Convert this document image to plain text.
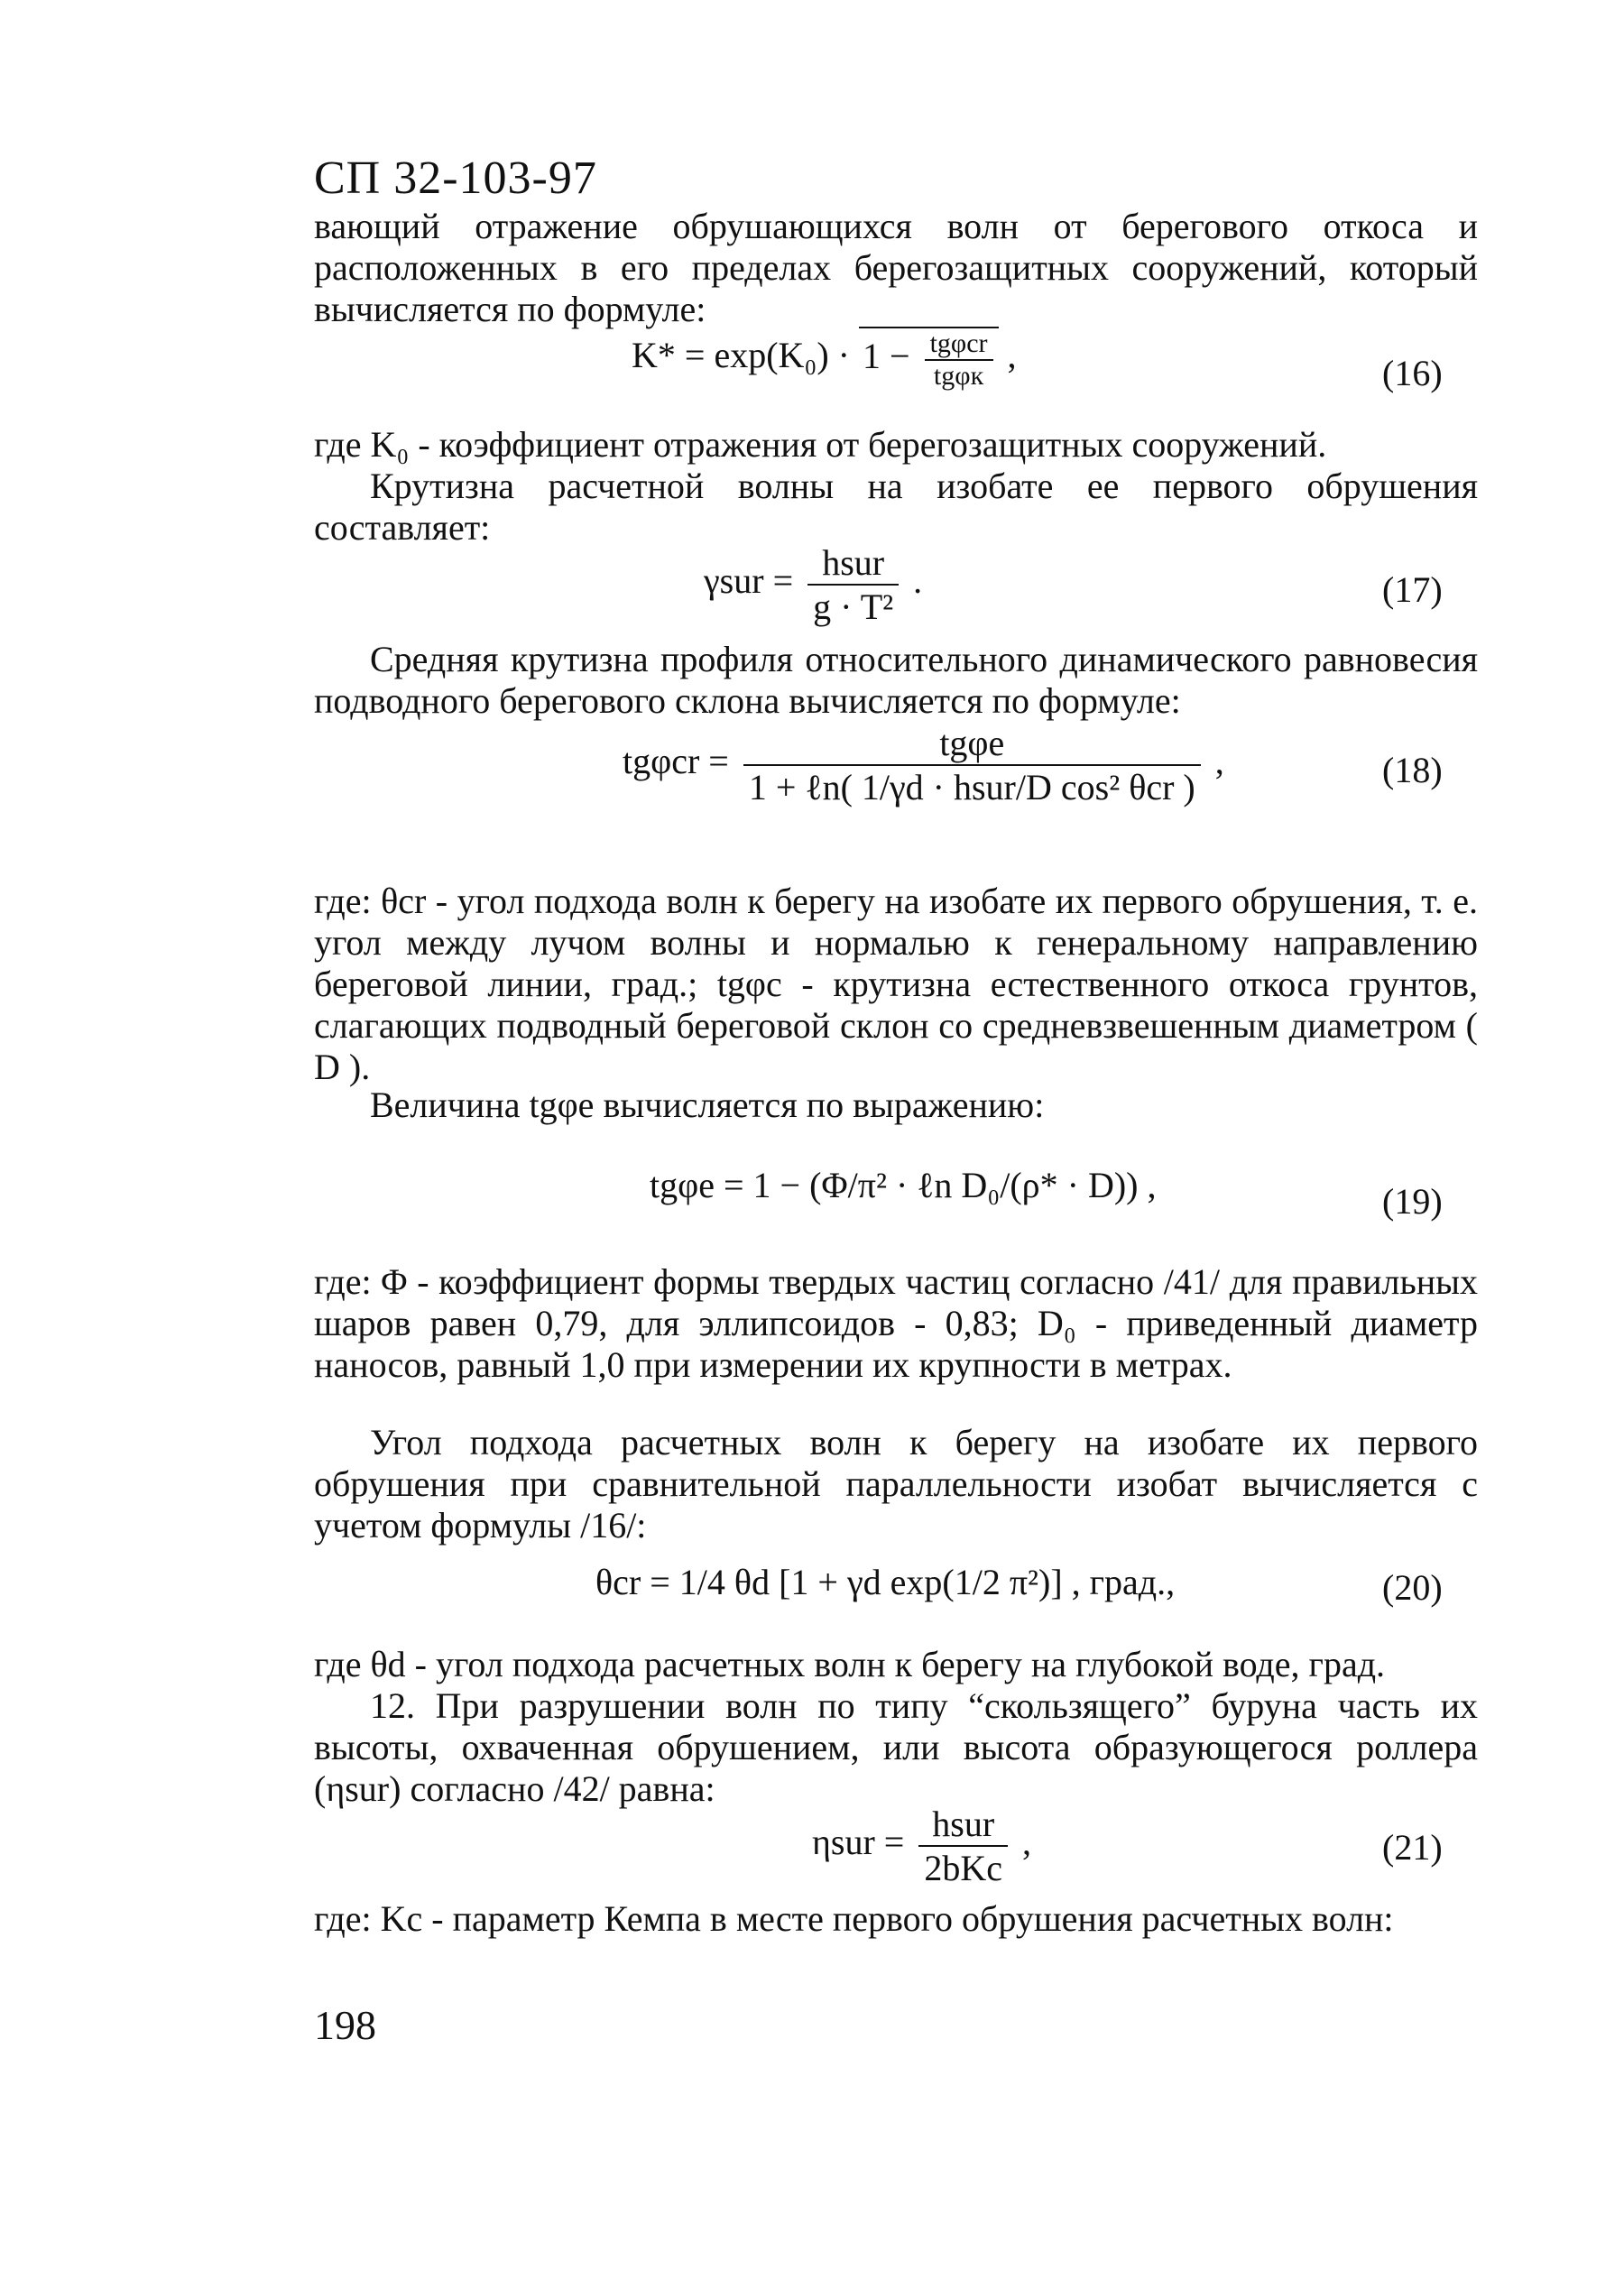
СП 32-103-97

вающий отражение обрушающихся волн от берегового откоса и расположенных в его пределах берегозащитных сооружений, который вычисляется по формуле:

$K* = \exp(K_0) \cdot 1 - \frac{\text{tgφcr}}{\text{tgφк}}$ ,	(16)

где K₀ - коэффициент отражения от берегозащитных сооружений.

Крутизна расчетной волны на изобате ее первого обрушения составляет:

$\gamma sur = \frac{\text{hsur}}{\text{g · T²}}$ .	(17)

Средняя крутизна профиля относительного динамического равновесия подводного берегового склона вычисляется по формуле:

$tg\varphi cr = \frac{\text{tgφe}}{\text{1 + ℓn( 1/γd · hsur/D cos² θcr )}}$ ,	(18)

где: θcr - угол подхода волн к берегу на изобате их первого обрушения, т. е. угол между лучом волны и нормалью к генеральному направлению береговой линии, град.; tgφc - крутизна естественного откоса грунтов, слагающих подводный береговой склон со средневзвешенным диаметром ( D ).

Величина tgφe вычисляется по выражению:

tgφe = 1 − (Φ/π² · ℓn D₀/(ρ* · D)) ,	(19)

где: Φ - коэффициент формы твердых частиц согласно /41/ для правильных шаров равен 0,79, для эллипсоидов - 0,83; D₀ - приведенный диаметр наносов, равный 1,0 при измерении их крупности в метрах.

Угол подхода расчетных волн к берегу на изобате их первого обрушения при сравнительной параллельности изобат вычисляется с учетом формулы /16/:

θcr = 1/4 θd [1 + γd exp(1/2 π²)] , град.,	(20)

где θd - угол подхода расчетных волн к берегу на глубокой воде, град.

12. При разрушении волн по типу “скользящего” буруна часть их высоты, охваченная обрушением, или высота образующегося роллера (ηsur) согласно /42/ равна:

$\eta sur = \frac{\text{hsur}}{\text{2bKc}}$ ,	(21)

где: Kc - параметр Кемпа в месте первого обрушения расчетных волн:

198
